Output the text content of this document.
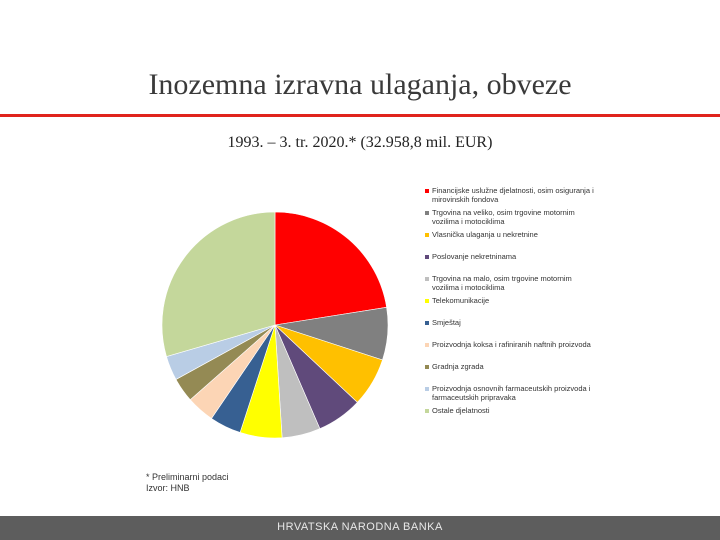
Inozemna izravna ulaganja, obveze
1993. – 3. tr. 2020.* (32.958,8 mil. EUR)
Financijske uslužne djelatnosti, osim osiguranja i mirovinskih fondova
Trgovina na veliko, osim trgovine motornim vozilima i motociklima
Vlasnička ulaganja u nekretnine
Poslovanje nekretninama
Trgovina na malo, osim trgovine motornim vozilima i motociklima
Telekomunikacije
Smještaj
Proizvodnja koksa i rafiniranih naftnih proizvoda
Gradnja zgrada
Proizvodnja osnovnih farmaceutskih proizvoda i farmaceutskih pripravaka
Ostale djelatnosti
* Preliminarni podaci
Izvor: HNB
HRVATSKA NARODNA BANKA
